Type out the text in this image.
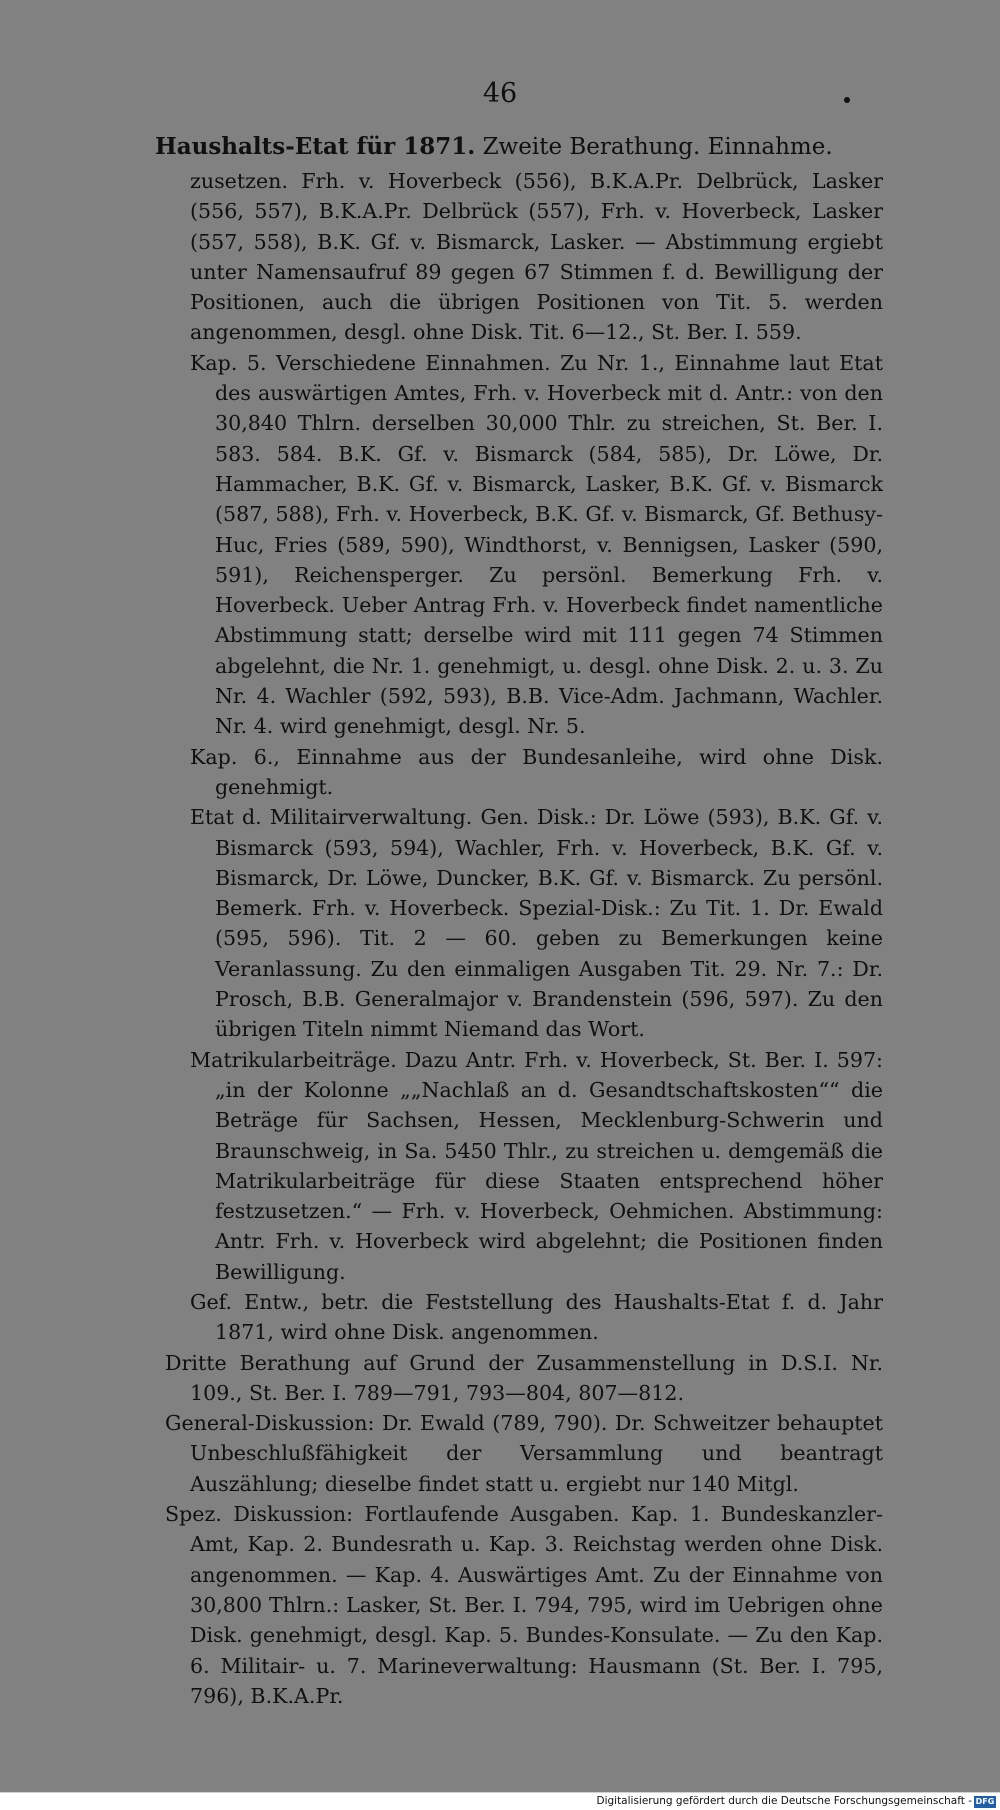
46
Haushalts-Etat für 1871. Zweite Berathung. Einnahme.

zusetzen. Frh. v. Hoverbeck (556), B.K.A.Pr. Delbrück, Lasker (556, 557), B.K.A.Pr. Delbrück (557), Frh. v. Hoverbeck, Lasker (557, 558), B.K. Gf. v. Bismarck, Lasker. — Abstimmung ergiebt unter Namensaufruf 89 gegen 67 Stimmen f. d. Bewilligung der Positionen, auch die übrigen Positionen von Tit. 5. werden angenommen, desgl. ohne Disk. Tit. 6—12., St. Ber. I. 559.

Kap. 5. Verschiedene Einnahmen. Zu Nr. 1., Einnahme laut Etat des auswärtigen Amtes, Frh. v. Hoverbeck mit d. Antr.: von den 30,840 Thlrn. derselben 30,000 Thlr. zu streichen, St. Ber. I. 583. 584. B.K. Gf. v. Bismarck (584, 585), Dr. Löwe, Dr. Hammacher, B.K. Gf. v. Bismarck, Lasker, B.K. Gf. v. Bismarck (587, 588), Frh. v. Hoverbeck, B.K. Gf. v. Bismarck, Gf. Bethusy-Huc, Fries (589, 590), Windthorst, v. Bennigsen, Lasker (590, 591), Reichensperger. Zu persönl. Bemerkung Frh. v. Hoverbeck. Ueber Antrag Frh. v. Hoverbeck findet namentliche Abstimmung statt; derselbe wird mit 111 gegen 74 Stimmen abgelehnt, die Nr. 1. genehmigt, u. desgl. ohne Disk. 2. u. 3. Zu Nr. 4. Wachler (592, 593), B.B. Vice-Adm. Jachmann, Wachler. Nr. 4. wird genehmigt, desgl. Nr. 5.

Kap. 6., Einnahme aus der Bundesanleihe, wird ohne Disk. genehmigt.

Etat d. Militairverwaltung. Gen. Disk.: Dr. Löwe (593), B.K. Gf. v. Bismarck (593, 594), Wachler, Frh. v. Hoverbeck, B.K. Gf. v. Bismarck, Dr. Löwe, Duncker, B.K. Gf. v. Bismarck. Zu persönl. Bemerk. Frh. v. Hoverbeck. Spezial-Disk.: Zu Tit. 1. Dr. Ewald (595, 596). Tit. 2 — 60. geben zu Bemerkungen keine Veranlassung. Zu den einmaligen Ausgaben Tit. 29. Nr. 7.: Dr. Prosch, B.B. Generalmajor v. Brandenstein (596, 597). Zu den übrigen Titeln nimmt Niemand das Wort.

Matrikularbeiträge. Dazu Antr. Frh. v. Hoverbeck, St. Ber. I. 597: „in der Kolonne „„Nachlaß an d. Gesandtschaftskosten““ die Beträge für Sachsen, Hessen, Mecklenburg-Schwerin und Braunschweig, in Sa. 5450 Thlr., zu streichen u. demgemäß die Matrikularbeiträge für diese Staaten entsprechend höher festzusetzen.“ — Frh. v. Hoverbeck, Oehmichen. Abstimmung: Antr. Frh. v. Hoverbeck wird abgelehnt; die Positionen finden Bewilligung.

Gef. Entw., betr. die Feststellung des Haushalts-Etat f. d. Jahr 1871, wird ohne Disk. angenommen.

Dritte Berathung auf Grund der Zusammenstellung in D.S.I. Nr. 109., St. Ber. I. 789—791, 793—804, 807—812.

General-Diskussion: Dr. Ewald (789, 790). Dr. Schweitzer behauptet Unbeschlußfähigkeit der Versammlung und beantragt Auszählung; dieselbe findet statt u. ergiebt nur 140 Mitgl.

Spez. Diskussion: Fortlaufende Ausgaben. Kap. 1. Bundeskanzler-Amt, Kap. 2. Bundesrath u. Kap. 3. Reichstag werden ohne Disk. angenommen. — Kap. 4. Auswärtiges Amt. Zu der Einnahme von 30,800 Thlrn.: Lasker, St. Ber. I. 794, 795, wird im Uebrigen ohne Disk. genehmigt, desgl. Kap. 5. Bundes-Konsulate. — Zu den Kap. 6. Militair- u. 7. Marineverwaltung: Hausmann (St. Ber. I. 795, 796), B.K.A.Pr.

Digitalisierung gefördert durch die Deutsche Forschungsgemeinschaft - DFG
